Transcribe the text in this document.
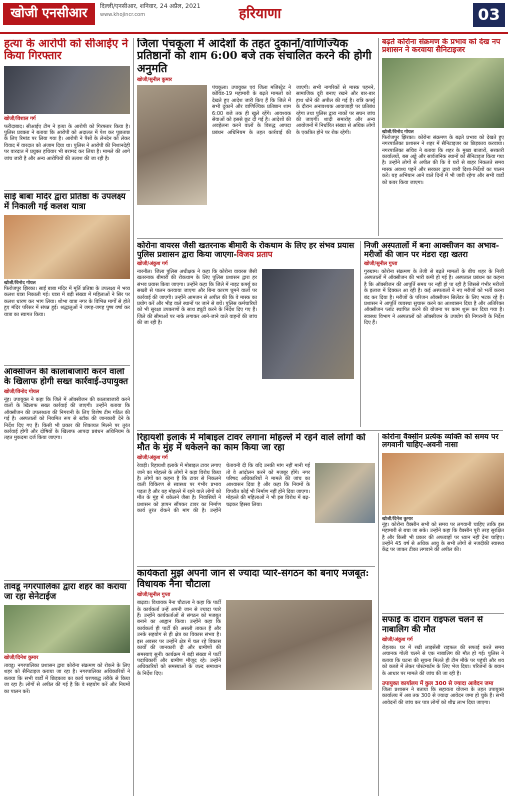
खोजी एनसीआर	दिल्ली/एनसीआर, शनिवार, 24 अप्रैल, 2021
www.khojincr.com	हरियाणा	03
हत्या के आरोपी को सीआईए ने किया गिरफ्तार
खोजी/विशाल गर्ग
फरीदाबाद। सीआईए टीम ने हत्या के आरोपी को गिरफ्तार किया है। पुलिस प्रवक्ता ने बताया कि आरोपी को अदालत में पेश कर पूछताछ के लिए रिमांड पर लिया गया है। आरोपी ने पैसों के लेनदेन को लेकर विवाद में वारदात को अंजाम दिया था। पुलिस ने आरोपी की निशानदेही पर वारदात में प्रयुक्त हथियार भी बरामद कर लिया है। मामले की आगे जांच जारी है और अन्य आरोपियों की तलाश की जा रही है।
साईं बाबा मंदिर द्वारा प्रतिष्ठा के उपलक्ष्य में निकाली गई कलश यात्रा
खोजी/विनोद गोयल
फिरोजपुर झिरका। साईं बाबा मंदिर में मूर्ति प्रतिष्ठा के उपलक्ष्य में भव्य कलश यात्रा निकाली गई। यात्रा में बड़ी संख्या में महिलाओं ने सिर पर कलश धारण कर भाग लिया। शोभा यात्रा नगर के विभिन्न मार्गों से होते हुए मंदिर परिसर में संपन्न हुई। श्रद्धालुओं ने जगह-जगह पुष्प वर्षा कर यात्रा का स्वागत किया।
ऑक्सीजन की कालाबाजारी करने वालों के खिलाफ होगी सख्त कार्रवाई-उपायुक्त
खोजी/विनोद गोयल
नूंह। उपायुक्त ने कहा कि जिले में ऑक्सीजन की कालाबाजारी करने वालों के खिलाफ सख्त कार्रवाई की जाएगी। उन्होंने बताया कि ऑक्सीजन की उपलब्धता की निगरानी के लिए विशेष टीम गठित की गई है। अस्पतालों को नियमित रूप से स्टॉक की जानकारी देने के निर्देश दिए गए हैं। किसी भी प्रकार की शिकायत मिलने पर तुरंत कार्रवाई होगी और दोषियों के खिलाफ आपदा प्रबंधन अधिनियम के तहत मुकदमा दर्ज किया जाएगा।
तावडू नगरपालिका द्वारा शहर को कराया जा रहा सेनेटाईज
खोजी/दिनेश कुमार
तावडू। नगरपालिका प्रशासन द्वारा कोरोना संक्रमण को रोकने के लिए शहर को सैनिटाइज कराया जा रहा है। नगरपालिका अधिकारियों ने बताया कि सभी वार्डों में छिड़काव का कार्य चरणबद्ध तरीके से किया जा रहा है। लोगों से अपील की गई है कि वे सहयोग करें और नियमों का पालन करें।
जिला पंचकूला में आदेशों के तहत दुकानों/वाणिज्यिक प्रतिष्ठानों को शाम 6:00 बजे तक संचालित करने की होगी अनुमति
खोजी/सुनील कुमार
पंचकूला। उपायुक्त एवं जिला मजिस्ट्रेट ने कोविड-19 महामारी के बढ़ते मामलों को देखते हुए आदेश जारी किए हैं कि जिले में सभी दुकानें और वाणिज्यिक प्रतिष्ठान शाम 6:00 बजे तक ही खुले रहेंगे। आवश्यक सेवाओं को इससे छूट दी गई है। आदेशों की अवहेलना करने वालों के विरुद्ध आपदा प्रबंधन अधिनियम के तहत कार्रवाई की जाएगी। सभी नागरिकों से मास्क पहनने, सामाजिक दूरी बनाए रखने और बार-बार हाथ धोने की अपील की गई है। रात्रि कर्फ्यू के दौरान अनावश्यक आवाजाही पर प्रतिबंध रहेगा तथा पुलिस द्वारा नाकों पर सघन जांच की जाएगी। शादी समारोह और अन्य आयोजनों में निर्धारित संख्या से अधिक लोगों के एकत्रित होने पर रोक रहेगी।
कोरोना वायरस जैसी खतरनाक बीमारी के रोकथाम के लिए हर संभव प्रयास पुलिस प्रशासन द्वारा किया जाएगा-विजय प्रताप
खोजी/अंकुश गर्ग
नारनौल। जिला पुलिस अधीक्षक ने कहा कि कोरोना वायरस जैसी खतरनाक बीमारी की रोकथाम के लिए पुलिस प्रशासन द्वारा हर संभव प्रयास किया जाएगा। उन्होंने कहा कि जिले में नाइट कर्फ्यू का सख्ती से पालन करवाया जाएगा और बिना कारण घूमने वालों पर कार्रवाई की जाएगी। उन्होंने आमजन से अपील की कि वे मास्क का प्रयोग करें और भीड़ वाले स्थानों पर जाने से बचें। पुलिस कर्मचारियों को भी सुरक्षा उपकरणों के साथ ड्यूटी करने के निर्देश दिए गए हैं। जिले की सीमाओं पर नाके लगाकर आने-जाने वाले वाहनों की जांच की जा रही है।
रिहायशी इलाके में मोबाइल टावर लगाना मोहल्ले में रहने वाले लोगों को मौत के मुंह में धकेलने का काम किया जा रहा
खोजी/अंकुश गर्ग
रेवाड़ी। रिहायशी इलाके में मोबाइल टावर लगाए जाने का मोहल्ले के लोगों ने कड़ा विरोध किया है। लोगों का कहना है कि टावर से निकलने वाली विकिरण से स्वास्थ्य पर गंभीर प्रभाव पड़ता है और यह मोहल्ले में रहने वाले लोगों को मौत के मुंह में धकेलने जैसा है। निवासियों ने प्रशासन को ज्ञापन सौंपकर टावर का निर्माण कार्य तुरंत रोकने की मांग की है। उन्होंने चेतावनी दी कि यदि उनकी मांग नहीं मानी गई तो वे आंदोलन करने को मजबूर होंगे। नगर परिषद अधिकारियों ने मामले की जांच का आश्वासन दिया है और कहा कि नियमों के विपरीत कोई भी निर्माण नहीं होने दिया जाएगा। मोहल्ले की महिलाओं ने भी इस विरोध में बढ़-चढ़कर हिस्सा लिया।
कार्यकर्ता मुझे अपनी जान से ज्यादा प्यारे-संगठन को बनाएं मजबूत: विधायक नैना चौटाला
खोजी/सुनील गुप्ता
बाढ़डा। विधायक नैना चौटाला ने कहा कि पार्टी के कार्यकर्ता उन्हें अपनी जान से ज्यादा प्यारे हैं। उन्होंने कार्यकर्ताओं से संगठन को मजबूत बनाने का आह्वान किया। उन्होंने कहा कि कार्यकर्ता ही पार्टी की असली ताकत हैं और उनके सहयोग से ही क्षेत्र का विकास संभव है। इस अवसर पर उन्होंने क्षेत्र में चल रहे विकास कार्यों की जानकारी दी और ग्रामीणों की समस्याएं सुनीं। कार्यक्रम में बड़ी संख्या में पार्टी पदाधिकारी और ग्रामीण मौजूद रहे। उन्होंने अधिकारियों को समस्याओं के जल्द समाधान के निर्देश दिए।
बढ़ते कोरोना संक्रमण के प्रभाव को देख नप प्रशासन ने करवाया सैनिटाइजर
खोजी/विनोद गोयल
फिरोजपुर झिरका। कोरोना संक्रमण के बढ़ते प्रभाव को देखते हुए नगरपालिका प्रशासन ने शहर में सैनिटाइजर का छिड़काव करवाया। नगरपालिका सचिव ने बताया कि शहर के मुख्य बाजारों, सरकारी कार्यालयों, बस अड्डे और सार्वजनिक स्थानों को सैनिटाइज किया गया है। उन्होंने लोगों से अपील की कि वे घरों से बाहर निकलते समय मास्क अवश्य पहनें और सरकार द्वारा जारी दिशा-निर्देशों का पालन करें। यह अभियान आने वाले दिनों में भी जारी रहेगा और सभी वार्डों को कवर किया जाएगा।
निजी अस्पतालों में बना आक्सीजन का अभाव-मरीजों की जान पर मंडरा रहा खतरा
खोजी/सुनील गुप्ता
गुरुग्राम। कोरोना संक्रमण के तेजी से बढ़ते मामलों के बीच शहर के निजी अस्पतालों में ऑक्सीजन की भारी कमी हो गई है। अस्पताल प्रबंधन का कहना है कि ऑक्सीजन की आपूर्ति समय पर नहीं हो पा रही है जिससे गंभीर मरीजों के इलाज में दिक्कत आ रही है। कई अस्पतालों ने नए मरीजों को भर्ती करना बंद कर दिया है। मरीजों के परिजन ऑक्सीजन सिलेंडर के लिए भटक रहे हैं। प्रशासन ने आपूर्ति व्यवस्था सुचारू करने का आश्वासन दिया है और अतिरिक्त ऑक्सीजन प्लांट स्थापित करने की योजना पर काम शुरू कर दिया गया है। स्वास्थ्य विभाग ने अस्पतालों को ऑक्सीजन के उपयोग की निगरानी के निर्देश दिए हैं।
कोरोना वैक्सीन प्रत्येक व्यक्ति को समय पर लगवानी चाहिए-अवनी नासा
खोजी/दिनेश कुमार
नूंह। कोरोना वैक्सीन सभी को समय पर लगवानी चाहिए ताकि इस महामारी से बचा जा सके। उन्होंने कहा कि वैक्सीन पूरी तरह सुरक्षित है और किसी भी प्रकार की अफवाहों पर ध्यान नहीं देना चाहिए। उन्होंने 45 वर्ष से अधिक आयु के सभी लोगों से नजदीकी स्वास्थ्य केंद्र पर जाकर टीका लगवाने की अपील की।
सफाई के दौरान राइफल चलने से नाबालिग की मौत
खोजी/अंकुश गर्ग
रोहतक। घर में रखी लाइसेंसी राइफल की सफाई करते समय अचानक गोली चलने से एक नाबालिग की मौत हो गई। पुलिस ने बताया कि घटना की सूचना मिलते ही टीम मौके पर पहुंची और शव को कब्जे में लेकर पोस्टमार्टम के लिए भेज दिया। परिजनों के बयान के आधार पर मामले की जांच की जा रही है।
उपायुक्त कार्यालय में कुल 300 से ज्यादा आवेदन जमा
जिला प्रशासन ने बताया कि सहायता योजना के तहत उपायुक्त कार्यालय में अब तक 300 से ज्यादा आवेदन जमा हो चुके हैं। सभी आवेदनों की जांच कर पात्र लोगों को शीघ्र लाभ दिया जाएगा।
